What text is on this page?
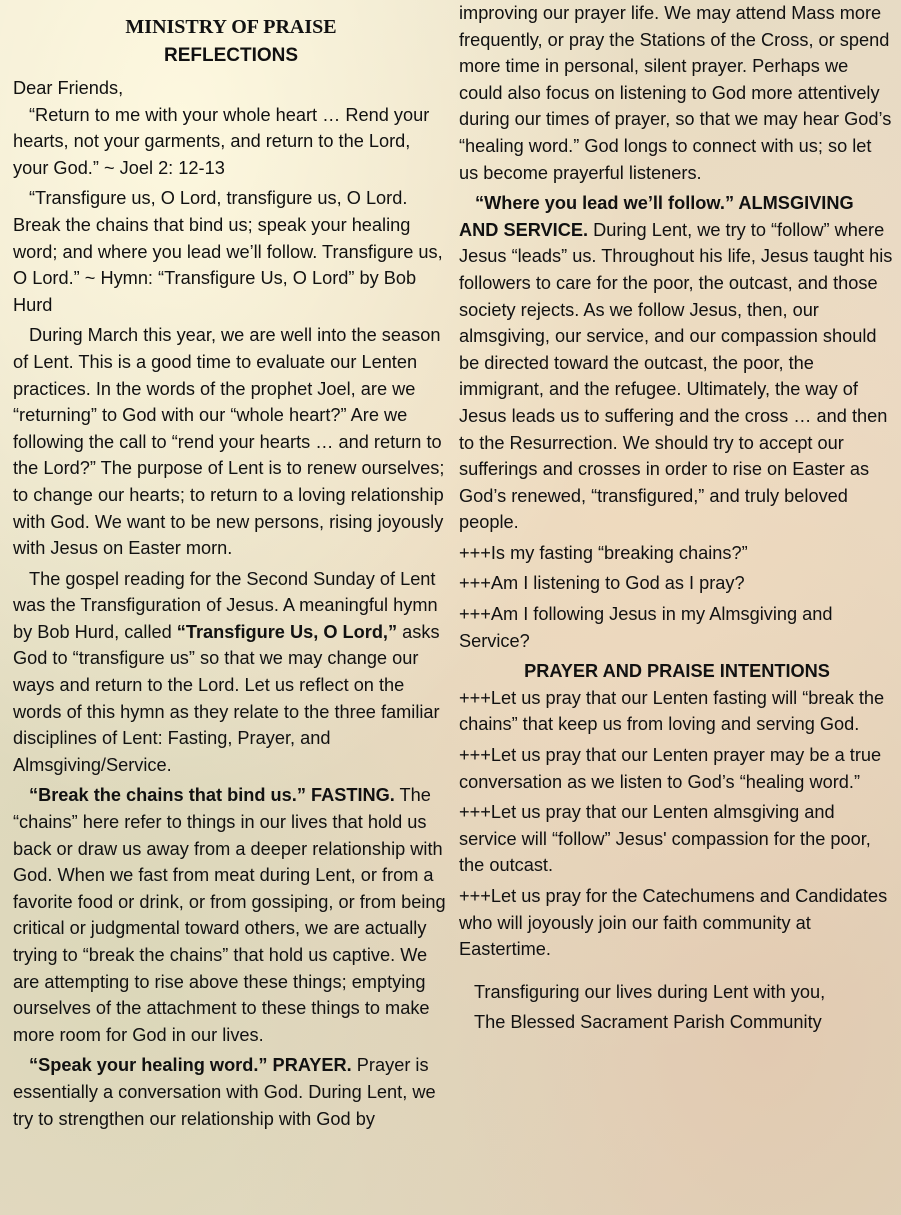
MINISTRY OF PRAISE
REFLECTIONS

Dear Friends,

“Return to me with your whole heart … Rend your hearts, not your garments, and return to the Lord, your God.” ~ Joel 2: 12-13

“Transfigure us, O Lord, transfigure us, O Lord. Break the chains that bind us; speak your healing word; and where you lead we’ll follow. Transfigure us, O Lord.” ~ Hymn: “Transfigure Us, O Lord” by Bob Hurd

During March this year, we are well into the season of Lent. This is a good time to evaluate our Lenten practices. In the words of the prophet Joel, are we “returning” to God with our “whole heart?” Are we following the call to “rend your hearts … and return to the Lord?” The purpose of Lent is to renew ourselves; to change our hearts; to return to a loving relationship with God. We want to be new persons, rising joyously with Jesus on Easter morn.

The gospel reading for the Second Sunday of Lent was the Transfiguration of Jesus. A meaningful hymn by Bob Hurd, called “Transfigure Us, O Lord,” asks God to “transfigure us” so that we may change our ways and return to the Lord. Let us reflect on the words of this hymn as they relate to the three familiar disciplines of Lent: Fasting, Prayer, and Almsgiving/Service.

“Break the chains that bind us.” FASTING. The “chains” here refer to things in our lives that hold us back or draw us away from a deeper relationship with God. When we fast from meat during Lent, or from a favorite food or drink, or from gossiping, or from being critical or judgmental toward others, we are actually trying to “break the chains” that hold us captive. We are attempting to rise above these things; emptying ourselves of the attachment to these things to make more room for God in our lives.

“Speak your healing word.” PRAYER. Prayer is essentially a conversation with God. During Lent, we try to strengthen our relationship with God by

improving our prayer life. We may attend Mass more frequently, or pray the Stations of the Cross, or spend more time in personal, silent prayer. Perhaps we could also focus on listening to God more attentively during our times of prayer, so that we may hear God’s “healing word.” God longs to connect with us; so let us become prayerful listeners.

“Where you lead we’ll follow.” ALMSGIVING AND SERVICE. During Lent, we try to “follow” where Jesus “leads” us. Throughout his life, Jesus taught his followers to care for the poor, the outcast, and those society rejects. As we follow Jesus, then, our almsgiving, our service, and our compassion should be directed toward the outcast, the poor, the immigrant, and the refugee. Ultimately, the way of Jesus leads us to suffering and the cross … and then to the Resurrection. We should try to accept our sufferings and crosses in order to rise on Easter as God’s renewed, “transfigured,” and truly beloved people.

+++Is my fasting “breaking chains?”

+++Am I listening to God as I pray?

+++Am I following Jesus in my Almsgiving and Service?

PRAYER AND PRAISE INTENTIONS

+++Let us pray that our Lenten fasting will “break the chains” that keep us from loving and serving God.

+++Let us pray that our Lenten prayer may be a true conversation as we listen to God’s “healing word.”

+++Let us pray that our Lenten almsgiving and service will “follow” Jesus' compassion for the poor, the outcast.

+++Let us pray for the Catechumens and Candidates who will joyously join our faith community at Eastertime.

Transfiguring our lives during Lent with you,

The Blessed Sacrament Parish Community
